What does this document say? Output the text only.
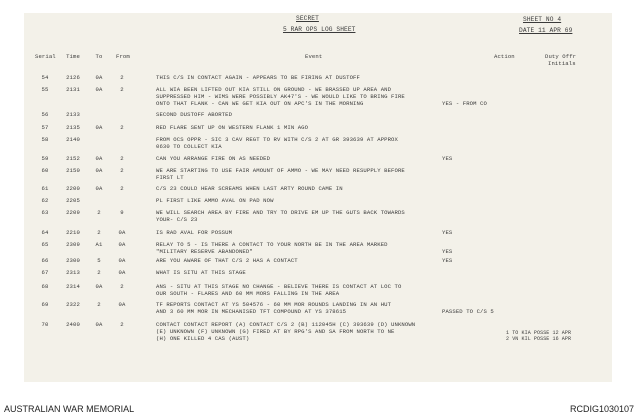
SECRET
5 RAR OPS LOG SHEET
SHEET NO 4
DATE 11 APR 69
Serial	Time	To	From	Event	Action	Duty Offr
Initials
54	2126	0A	2	THIS C/S IN CONTACT AGAIN - APPEARS TO BE FIRING AT DUSTOFF
55	2131	0A	2	ALL WIA BEEN LIFTED OUT KIA STILL ON GROUND - WE BRASSED UP AREA AND
SUPPRESSED HIM - WIMS WERE POSSIBLY AK47'S - WE WOULD LIKE TO BRING FIRE
ONTO THAT FLANK - CAN WE GET KIA OUT ON APC'S IN THE MORNING	YES - FROM CO
56	2133	SECOND DUSTOFF ABORTED
57	2135	0A	2	RED FLARE SENT UP ON WESTERN FLANK 1 MIN AGO
58	2140	FROM OCS OPPR - SIC 3 CAV REGT TO RV WITH C/S 2 AT GR 393639 AT APPROX
0630 TO COLLECT KIA
59	2152	0A	2	CAN YOU ARRANGE FIRE ON AS NEEDED	YES
60	2150	0A	2	WE ARE STARTING TO USE FAIR AMOUNT OF AMMO - WE MAY NEED RESUPPLY BEFORE
FIRST LT
61	2200	0A	2	C/S 23 COULD HEAR SCREAMS WHEN LAST ARTY ROUND CAME IN
62	2205	PL FIRST LIKE AMMO AVAL ON PAD NOW
63	2209	2	9	WE WILL SEARCH AREA BY FIRE AND TRY TO DRIVE EM UP THE GUTS BACK TOWARDS
YOUR- C/S 23
64	2210	2	0A	IS RAD AVAL FOR POSSUM	YES
65	2309	A1	0A	RELAY TO 5 - IS THERE A CONTACT TO YOUR NORTH BE IN THE AREA MARKED
"MILITARY RESERVE ABANDONED"	YES
66	2300	5	0A	ARE YOU AWARE OF THAT C/S 2 HAS A CONTACT	YES
67	2313	2	0A	WHAT IS SITU AT THIS STAGE
68	2314	0A	2	ANS - SITU AT THIS STAGE NO CHANGE - BELIEVE THERE IS CONTACT AT LOC TO
OUR SOUTH - FLARES AND 60 MM MORS FALLING IN THE AREA
69	2322	2	0A	TF REPORTS CONTACT AT YS 504576 - 60 MM MOR ROUNDS LANDING IN AN HUT
AND 3 60 MM MOR IN MECHANISED TFT COMPOUND AT YS 378615	PASSED TO C/S 5
70	2400	0A	2	CONTACT CONTACT REPORT (A) CONTACT C/S 2 (B) 112045H (C) 393639 (D) UNKNOWN
(E) UNKNOWN (F) UNKNOWN (G) FIRED AT BY RPG'S AND SA FROM NORTH TO NE
(H) ONE KILLED 4 CAS (AUST)
1 TO KIA POSSE 12 APR
2 VN KIL POSSE 16 APR
AUSTRALIAN WAR MEMORIAL	RCDIG1030107
